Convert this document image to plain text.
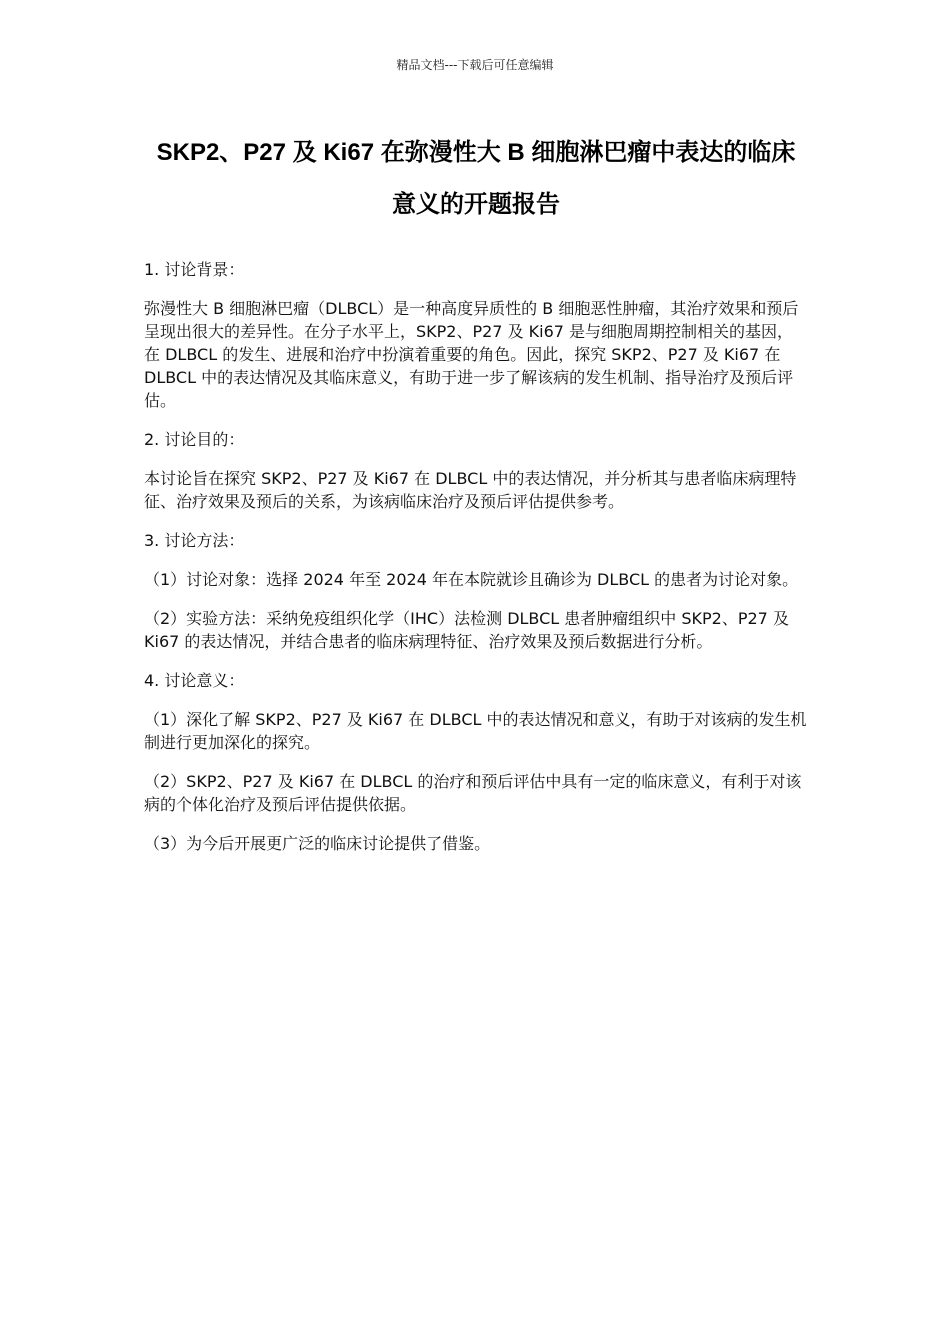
精品文档---下载后可任意编辑
SKP2、P27 及 Ki67 在弥漫性大 B 细胞淋巴瘤中表达的临床意义的开题报告

1. 讨论背景：

弥漫性大 B 细胞淋巴瘤（DLBCL）是一种高度异质性的 B 细胞恶性肿瘤，其治疗效果和预后呈现出很大的差异性。在分子水平上，SKP2、P27 及 Ki67 是与细胞周期控制相关的基因，在 DLBCL 的发生、进展和治疗中扮演着重要的角色。因此，探究 SKP2、P27 及 Ki67 在 DLBCL 中的表达情况及其临床意义，有助于进一步了解该病的发生机制、指导治疗及预后评估。

2. 讨论目的：

本讨论旨在探究 SKP2、P27 及 Ki67 在 DLBCL 中的表达情况，并分析其与患者临床病理特征、治疗效果及预后的关系，为该病临床治疗及预后评估提供参考。

3. 讨论方法：

（1）讨论对象：选择 2024 年至 2024 年在本院就诊且确诊为 DLBCL 的患者为讨论对象。

（2）实验方法：采纳免疫组织化学（IHC）法检测 DLBCL 患者肿瘤组织中 SKP2、P27 及 Ki67 的表达情况，并结合患者的临床病理特征、治疗效果及预后数据进行分析。

4. 讨论意义：

（1）深化了解 SKP2、P27 及 Ki67 在 DLBCL 中的表达情况和意义，有助于对该病的发生机制进行更加深化的探究。

（2）SKP2、P27 及 Ki67 在 DLBCL 的治疗和预后评估中具有一定的临床意义，有利于对该病的个体化治疗及预后评估提供依据。

（3）为今后开展更广泛的临床讨论提供了借鉴。
